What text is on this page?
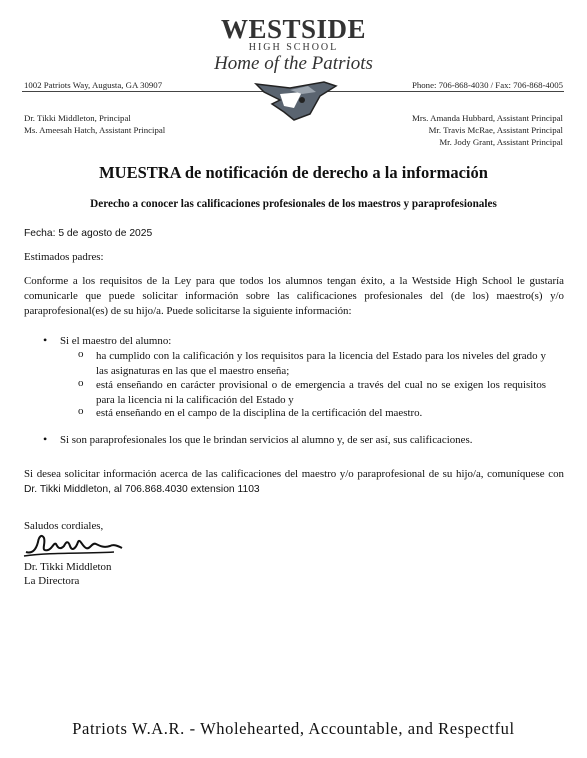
WESTSIDE
HIGH SCHOOL
Home of the Patriots
1002 Patriots Way, Augusta, GA 30907	Phone: 706-868-4030 / Fax: 706-868-4005
Dr. Tikki Middleton, Principal
Ms. Ameesah Hatch, Assistant Principal
Mrs. Amanda Hubbard, Assistant Principal
Mr. Travis McRae, Assistant Principal
Mr. Jody Grant, Assistant Principal
MUESTRA de notificación de derecho a la información
Derecho a conocer las calificaciones profesionales de los maestros y paraprofesionales
Fecha: 5 de agosto de 2025
Estimados padres:
Conforme a los requisitos de la Ley para que todos los alumnos tengan éxito, a la Westside High School le gustaría comunicarle que puede solicitar información sobre las calificaciones profesionales del (de los) maestro(s) y/o paraprofesional(es) de su hijo/a. Puede solicitarse la siguiente información:
• Si el maestro del alumno:
o ha cumplido con la calificación y los requisitos para la licencia del Estado para los niveles del grado y las asignaturas en las que el maestro enseña;
o está enseñando en carácter provisional o de emergencia a través del cual no se exigen los requisitos para la licencia ni la calificación del Estado y
o está enseñando en el campo de la disciplina de la certificación del maestro.
• Si son paraprofesionales los que le brindan servicios al alumno y, de ser así, sus calificaciones.
Si desea solicitar información acerca de las calificaciones del maestro y/o paraprofesional de su hijo/a, comuníquese con Dr. Tikki Middleton, al 706.868.4030 extension 1103
Saludos cordiales,
Dr. Tikki Middleton
La Directora
Patriots W.A.R. - Wholehearted, Accountable, and Respectful
